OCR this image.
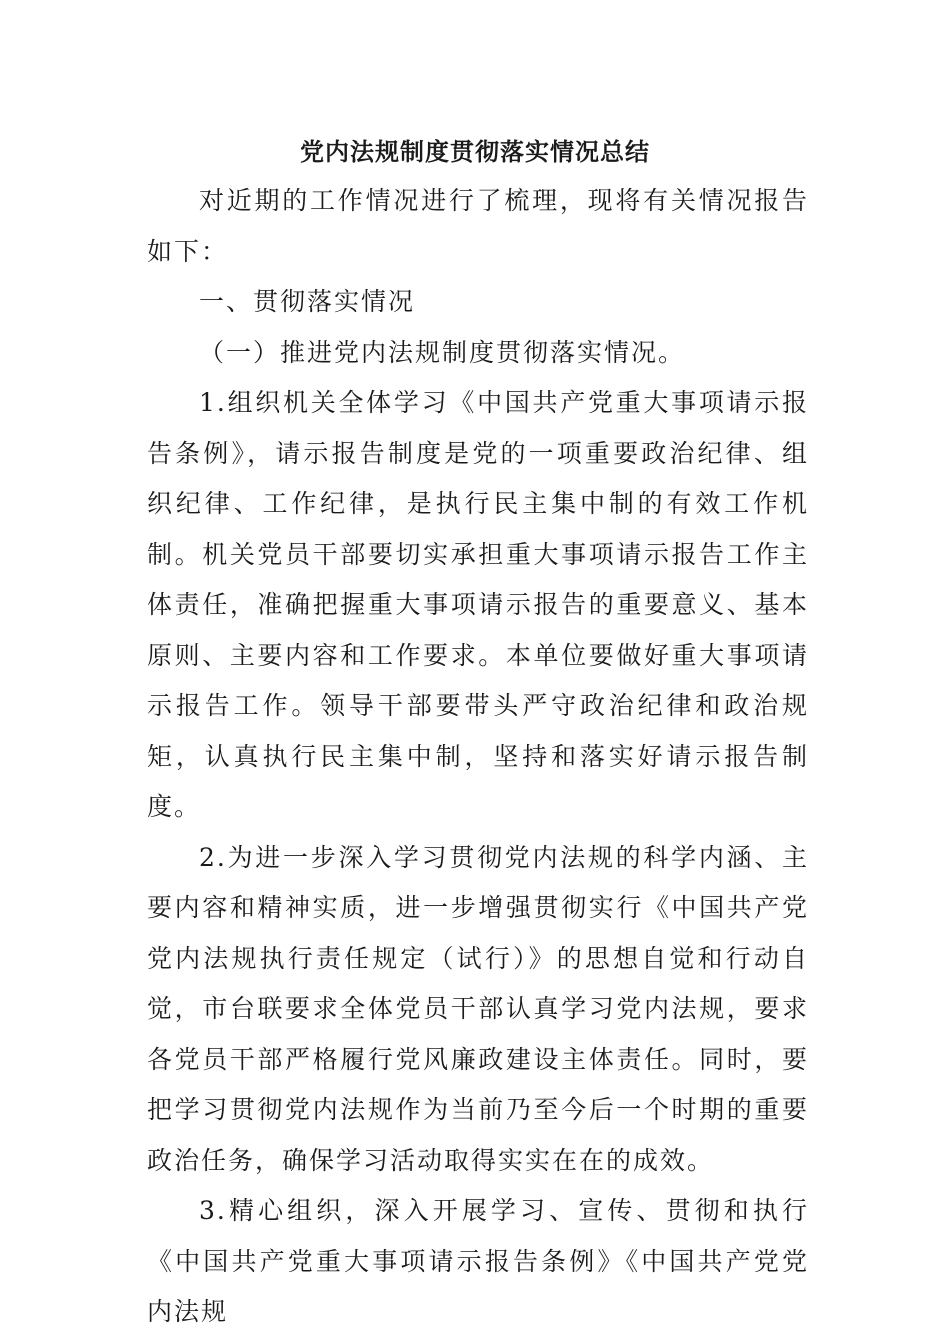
党内法规制度贯彻落实情况总结

对近期的工作情况进行了梳理，现将有关情况报告如下：

一、贯彻落实情况

（一）推进党内法规制度贯彻落实情况。

1.组织机关全体学习《中国共产党重大事项请示报告条例》，请示报告制度是党的一项重要政治纪律、组织纪律、工作纪律，是执行民主集中制的有效工作机制。机关党员干部要切实承担重大事项请示报告工作主体责任，准确把握重大事项请示报告的重要意义、基本原则、主要内容和工作要求。本单位要做好重大事项请示报告工作。领导干部要带头严守政治纪律和政治规矩，认真执行民主集中制，坚持和落实好请示报告制度。

2.为进一步深入学习贯彻党内法规的科学内涵、主要内容和精神实质，进一步增强贯彻实行《中国共产党党内法规执行责任规定（试行）》的思想自觉和行动自觉，市台联要求全体党员干部认真学习党内法规，要求各党员干部严格履行党风廉政建设主体责任。同时，要把学习贯彻党内法规作为当前乃至今后一个时期的重要政治任务，确保学习活动取得实实在在的成效。

3.精心组织，深入开展学习、宣传、贯彻和执行《中国共产党重大事项请示报告条例》《中国共产党党内法规
